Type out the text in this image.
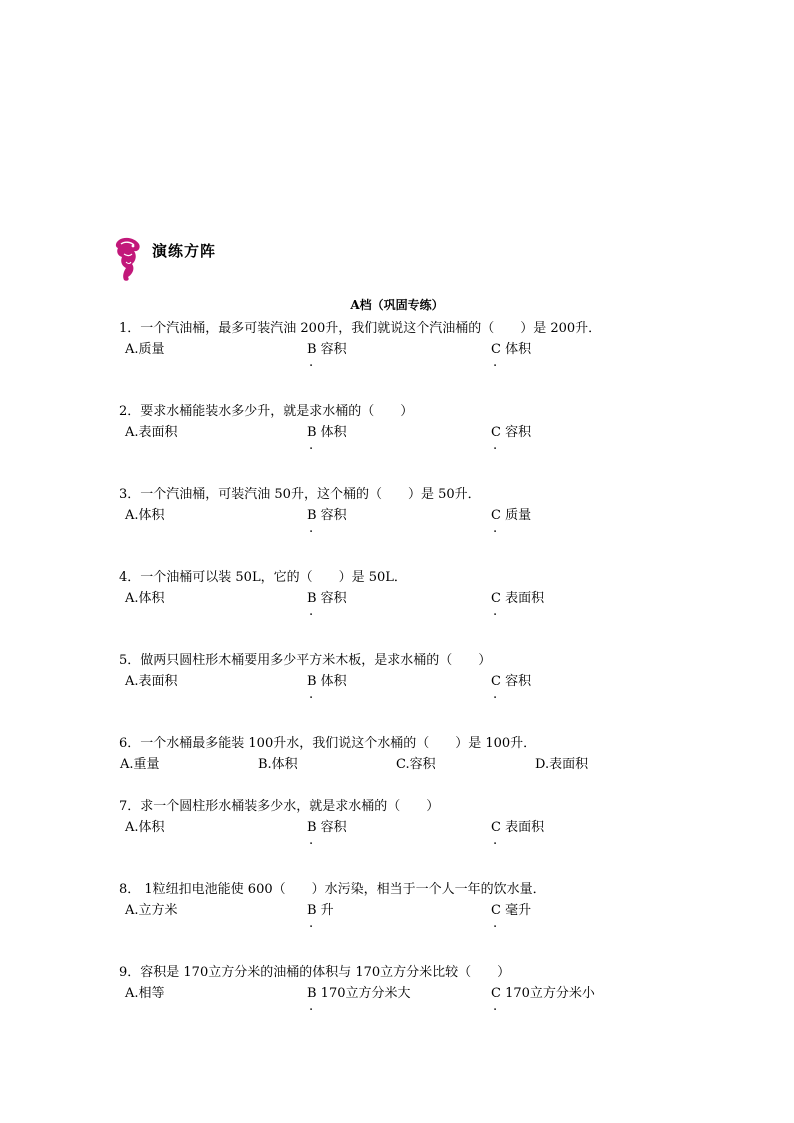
演练方阵
A档（巩固专练）
1．一个汽油桶，最多可装汽油 200升，我们就说这个汽油桶的（　　）是 200升．
A.质量	B 容积	C 体积
.	.
2．要求水桶能装水多少升，就是求水桶的（　　）
A.表面积	B 体积	C 容积
.	.
3．一个汽油桶，可装汽油 50升，这个桶的（　　）是 50升．
A.体积	B 容积	C 质量
.	.
4．一个油桶可以装 50L，它的（　　）是 50L．
A.体积	B 容积	C 表面积
.	.
5．做两只圆柱形木桶要用多少平方米木板，是求水桶的（　　）
A.表面积	B 体积	C 容积
.	.
6．一个水桶最多能装 100升水，我们说这个水桶的（　　）是 100升．
A.重量	B.体积	C.容积	D.表面积
7．求一个圆柱形水桶装多少水，就是求水桶的（　　）
A.体积	B 容积	C 表面积
.	.
8． 1粒纽扣电池能使 600（　　）水污染，相当于一个人一年的饮水量．
A.立方米	B 升	C 毫升
.	.
9．容积是 170立方分米的油桶的体积与 170立方分米比较（　　）
A.相等	B 170立方分米大	C 170立方分米小
.	.
